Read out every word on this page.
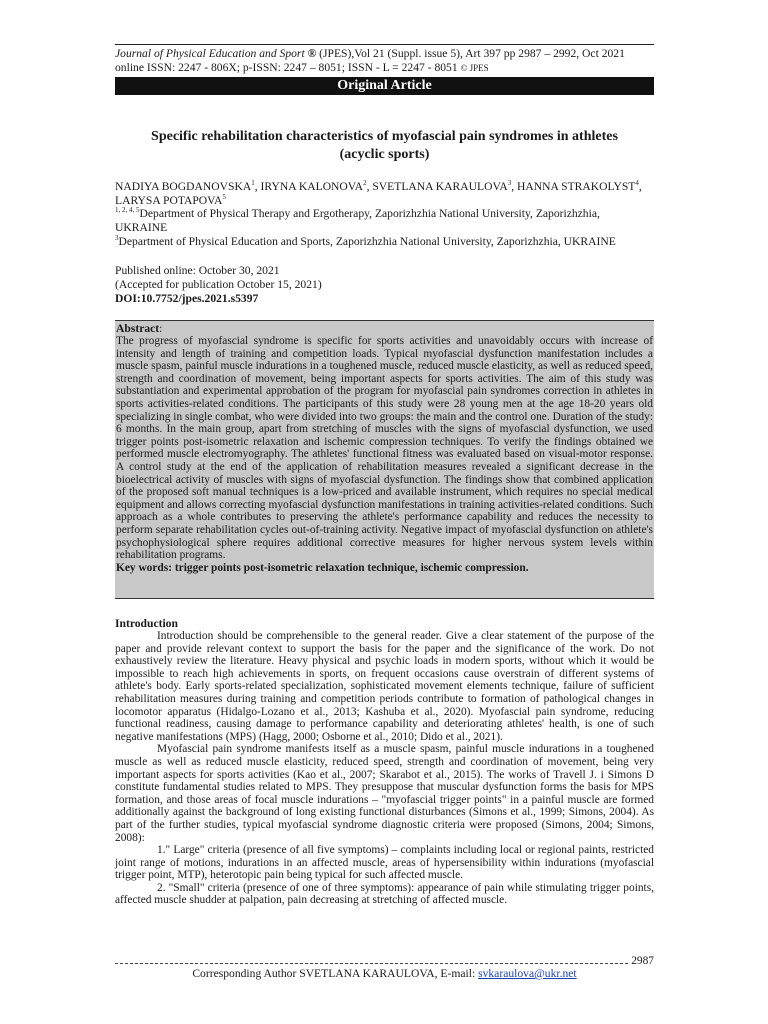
Journal of Physical Education and Sport ® (JPES),Vol 21 (Suppl. issue 5), Art 397 pp 2987 – 2992, Oct 2021
online ISSN: 2247 - 806X; p-ISSN: 2247 – 8051; ISSN - L = 2247 - 8051 © JPES
Original Article
Specific rehabilitation characteristics of myofascial pain syndromes in athletes
(acyclic sports)
NADIYA BOGDANOVSKA$^1$, IRYNA KALONOVA$^2$, SVETLANA KARAULOVA$^3$, HANNA STRAKOLYST$^4$, LARYSA POTAPOVA$^5$
$^{1, 2, 4, 5}$Department of Physical Therapy and Ergotherapy, Zaporizhzhia National University, Zaporizhzhia, UKRAINE
$^3$Department of Physical Education and Sports, Zaporizhzhia National University, Zaporizhzhia, UKRAINE
Published online: October 30, 2021
(Accepted for publication October 15, 2021)
DOI:10.7752/jpes.2021.s5397
Abstract:
The progress of myofascial syndrome is specific for sports activities and unavoidably occurs with increase of intensity and length of training and competition loads. Typical myofascial dysfunction manifestation includes a muscle spasm, painful muscle indurations in a toughened muscle, reduced muscle elasticity, as well as reduced speed, strength and coordination of movement, being important aspects for sports activities. The aim of this study was substantiation and experimental approbation of the program for myofascial pain syndromes correction in athletes in sports activities-related conditions. The participants of this study were 28 young men at the age 18-20 years old specializing in single combat, who were divided into two groups: the main and the control one. Duration of the study: 6 months. In the main group, apart from stretching of muscles with the signs of myofascial dysfunction, we used trigger points post-isometric relaxation and ischemic compression techniques. To verify the findings obtained we performed muscle electromyography. The athletes' functional fitness was evaluated based on visual-motor response. A control study at the end of the application of rehabilitation measures revealed a significant decrease in the bioelectrical activity of muscles with signs of myofascial dysfunction. The findings show that combined application of the proposed soft manual techniques is a low-priced and available instrument, which requires no special medical equipment and allows correcting myofascial dysfunction manifestations in training activities-related conditions. Such approach as a whole contributes to preserving the athlete's performance capability and reduces the necessity to perform separate rehabilitation cycles out-of-training activity. Negative impact of myofascial dysfunction on athlete's psychophysiological sphere requires additional corrective measures for higher nervous system levels within rehabilitation programs.
Key words: trigger points post-isometric relaxation technique, ischemic compression.
Introduction

Introduction should be comprehensible to the general reader. Give a clear statement of the purpose of the paper and provide relevant context to support the basis for the paper and the significance of the work. Do not exhaustively review the literature. Heavy physical and psychic loads in modern sports, without which it would be impossible to reach high achievements in sports, on frequent occasions cause overstrain of different systems of athlete's body. Early sports-related specialization, sophisticated movement elements technique, failure of sufficient rehabilitation measures during training and competition periods contribute to formation of pathological changes in locomotor apparatus (Hidalgo-Lozano et al., 2013; Kashuba et al., 2020). Myofascial pain syndrome, reducing functional readiness, causing damage to performance capability and deteriorating athletes' health, is one of such negative manifestations (MPS) (Hagg, 2000; Osborne et al., 2010; Dido et al., 2021).

Myofascial pain syndrome manifests itself as a muscle spasm, painful muscle indurations in a toughened muscle as well as reduced muscle elasticity, reduced speed, strength and coordination of movement, being very important aspects for sports activities (Kao et al., 2007; Skarabot et al., 2015). The works of Travell J. i Simons D constitute fundamental studies related to MPS. They presuppose that muscular dysfunction forms the basis for MPS formation, and those areas of focal muscle indurations – "myofascial trigger points" in a painful muscle are formed additionally against the background of long existing functional disturbances (Simons et al., 1999; Simons, 2004). As part of the further studies, typical myofascial syndrome diagnostic criteria were proposed (Simons, 2004; Simons, 2008):

1." Large" criteria (presence of all five symptoms) – complaints including local or regional paints, restricted joint range of motions, indurations in an affected muscle, areas of hypersensibility within indurations (myofascial trigger point, MTP), heterotopic pain being typical for such affected muscle.

2. "Small" criteria (presence of one of three symptoms): appearance of pain while stimulating trigger points, affected muscle shudder at palpation, pain decreasing at stretching of affected muscle.

2987
Corresponding Author SVETLANA KARAULOVA, E-mail: svkaraulova@ukr.net
